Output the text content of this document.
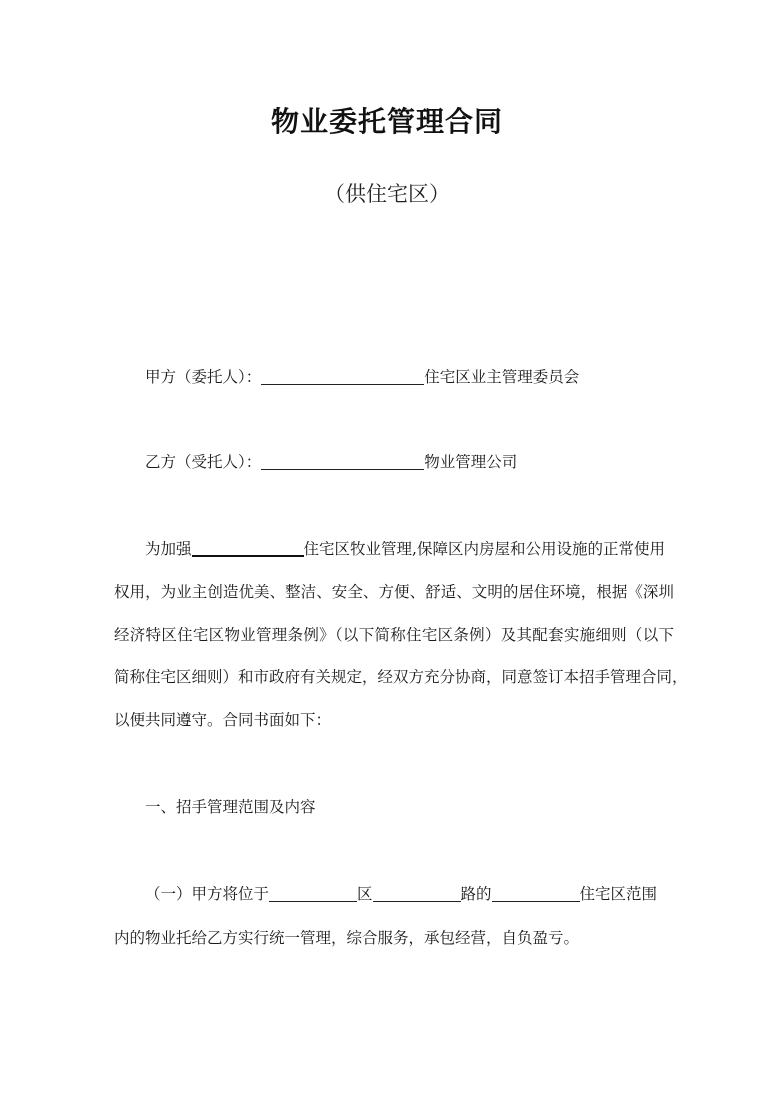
物业委托管理合同
（供住宅区）
甲方（委托人）：	住宅区业主管理委员会
乙方（受托人）：	物业管理公司
为加强	住宅区牧业管理,保障区内房屋和公用设施的正常使用
权用，为业主创造优美、整洁、安全、方便、舒适、文明的居住环境，根据《深圳
经济特区住宅区物业管理条例》（以下简称住宅区条例）及其配套实施细则（以下
简称住宅区细则）和市政府有关规定，经双方充分协商，同意签订本招手管理合同，
以便共同遵守。合同书面如下：
一、招手管理范围及内容
（一）甲方将位于	区	路的	住宅区范围
内的物业托给乙方实行统一管理，综合服务，承包经营，自负盈亏。
